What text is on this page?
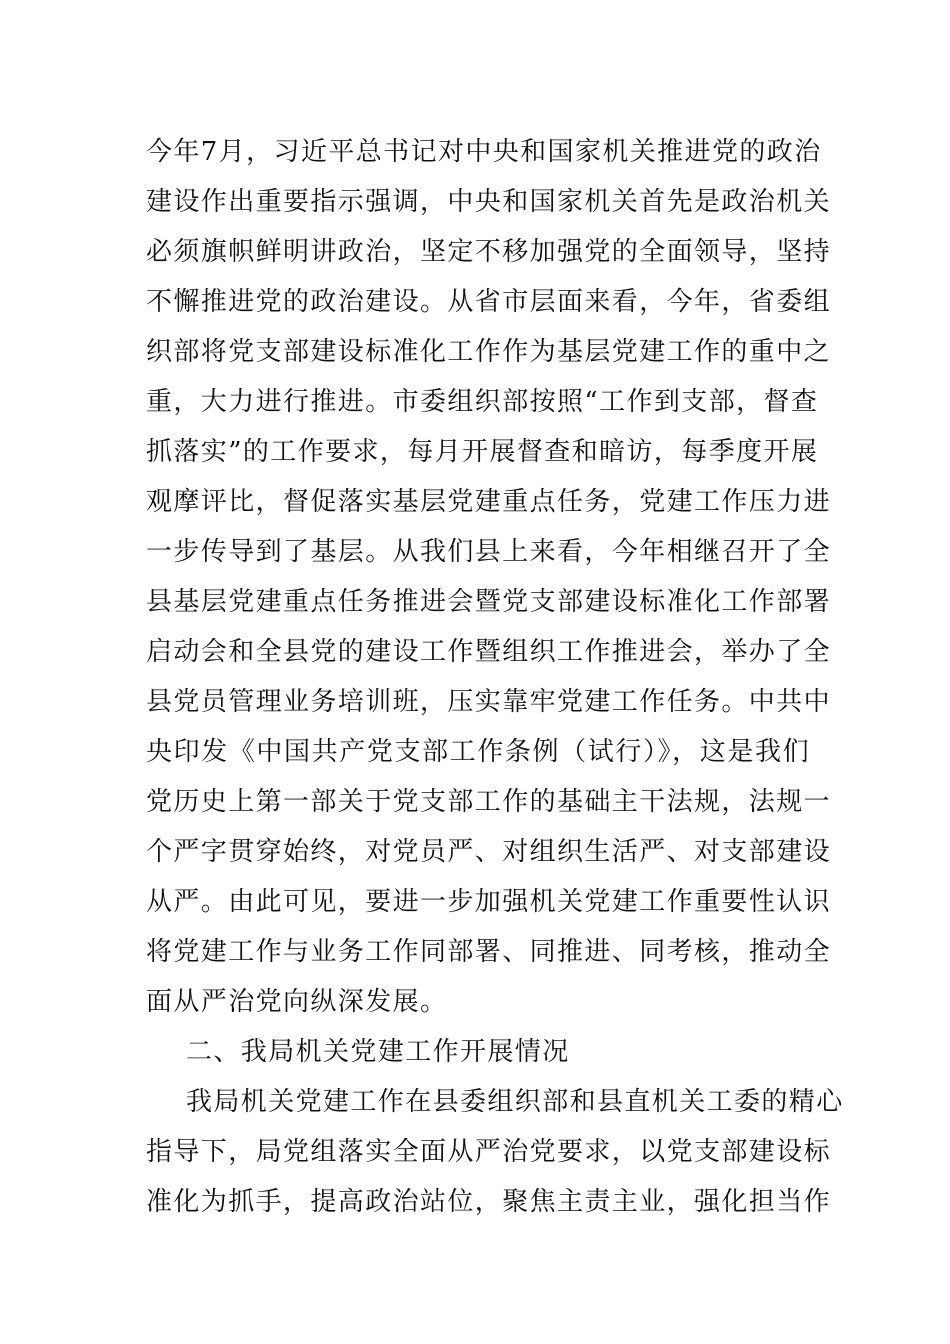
今年7月，习近平总书记对中央和国家机关推进党的政治

建设作出重要指示强调，中央和国家机关首先是政治机关

必须旗帜鲜明讲政治，坚定不移加强党的全面领导，坚持

不懈推进党的政治建设。从省市层面来看，今年，省委组

织部将党支部建设标准化工作作为基层党建工作的重中之

重，大力进行推进。市委组织部按照“工作到支部，督查

抓落实”的工作要求，每月开展督查和暗访，每季度开展

观摩评比，督促落实基层党建重点任务，党建工作压力进

一步传导到了基层。从我们县上来看，今年相继召开了全

县基层党建重点任务推进会暨党支部建设标准化工作部署

启动会和全县党的建设工作暨组织工作推进会，举办了全

县党员管理业务培训班，压实靠牢党建工作任务。中共中

央印发《中国共产党支部工作条例（试行）》，这是我们

党历史上第一部关于党支部工作的基础主干法规，法规一

个严字贯穿始终，对党员严、对组织生活严、对支部建设

从严。由此可见，要进一步加强机关党建工作重要性认识

将党建工作与业务工作同部署、同推进、同考核，推动全

面从严治党向纵深发展。

二、我局机关党建工作开展情况

我局机关党建工作在县委组织部和县直机关工委的精心

指导下，局党组落实全面从严治党要求，以党支部建设标

准化为抓手，提高政治站位，聚焦主责主业，强化担当作
